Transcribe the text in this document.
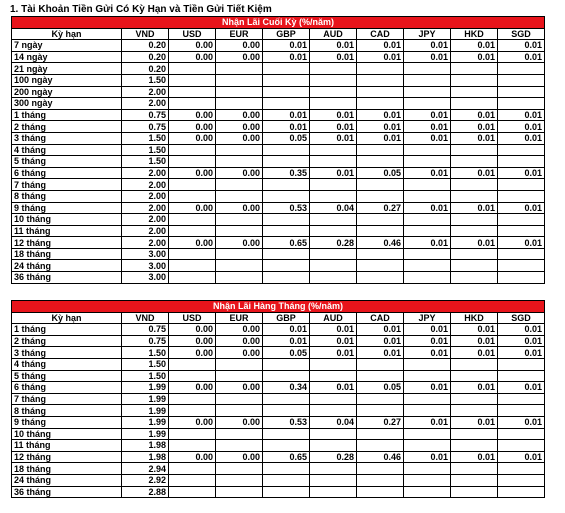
1. Tài Khoản Tiền Gửi Có Kỳ Hạn và Tiền Gửi Tiết Kiệm
Nhận Lãi Cuối Kỳ (%/năm)									
Kỳ hạn	VND	USD	EUR	GBP	AUD	CAD	JPY	HKD	SGD
7 ngày	0.20	0.00	0.00	0.01	0.01	0.01	0.01	0.01	0.01
14 ngày	0.20	0.00	0.00	0.01	0.01	0.01	0.01	0.01	0.01
21 ngày	0.20								
100 ngày	1.50								
200 ngày	2.00								
300 ngày	2.00								
1 tháng	0.75	0.00	0.00	0.01	0.01	0.01	0.01	0.01	0.01
2 tháng	0.75	0.00	0.00	0.01	0.01	0.01	0.01	0.01	0.01
3 tháng	1.50	0.00	0.00	0.05	0.01	0.01	0.01	0.01	0.01
4 tháng	1.50								
5 tháng	1.50								
6 tháng	2.00	0.00	0.00	0.35	0.01	0.05	0.01	0.01	0.01
7 tháng	2.00								
8 tháng	2.00								
9 tháng	2.00	0.00	0.00	0.53	0.04	0.27	0.01	0.01	0.01
10 tháng	2.00								
11 tháng	2.00								
12 tháng	2.00	0.00	0.00	0.65	0.28	0.46	0.01	0.01	0.01
18 tháng	3.00								
24 tháng	3.00								
36 tháng	3.00								
Nhận Lãi Hàng Tháng (%/năm)									
Kỳ hạn	VND	USD	EUR	GBP	AUD	CAD	JPY	HKD	SGD
1 tháng	0.75	0.00	0.00	0.01	0.01	0.01	0.01	0.01	0.01
2 tháng	0.75	0.00	0.00	0.01	0.01	0.01	0.01	0.01	0.01
3 tháng	1.50	0.00	0.00	0.05	0.01	0.01	0.01	0.01	0.01
4 tháng	1.50								
5 tháng	1.50								
6 tháng	1.99	0.00	0.00	0.34	0.01	0.05	0.01	0.01	0.01
7 tháng	1.99								
8 tháng	1.99								
9 tháng	1.99	0.00	0.00	0.53	0.04	0.27	0.01	0.01	0.01
10 tháng	1.99								
11 tháng	1.98								
12 tháng	1.98	0.00	0.00	0.65	0.28	0.46	0.01	0.01	0.01
18 tháng	2.94								
24 tháng	2.92								
36 tháng	2.88								
